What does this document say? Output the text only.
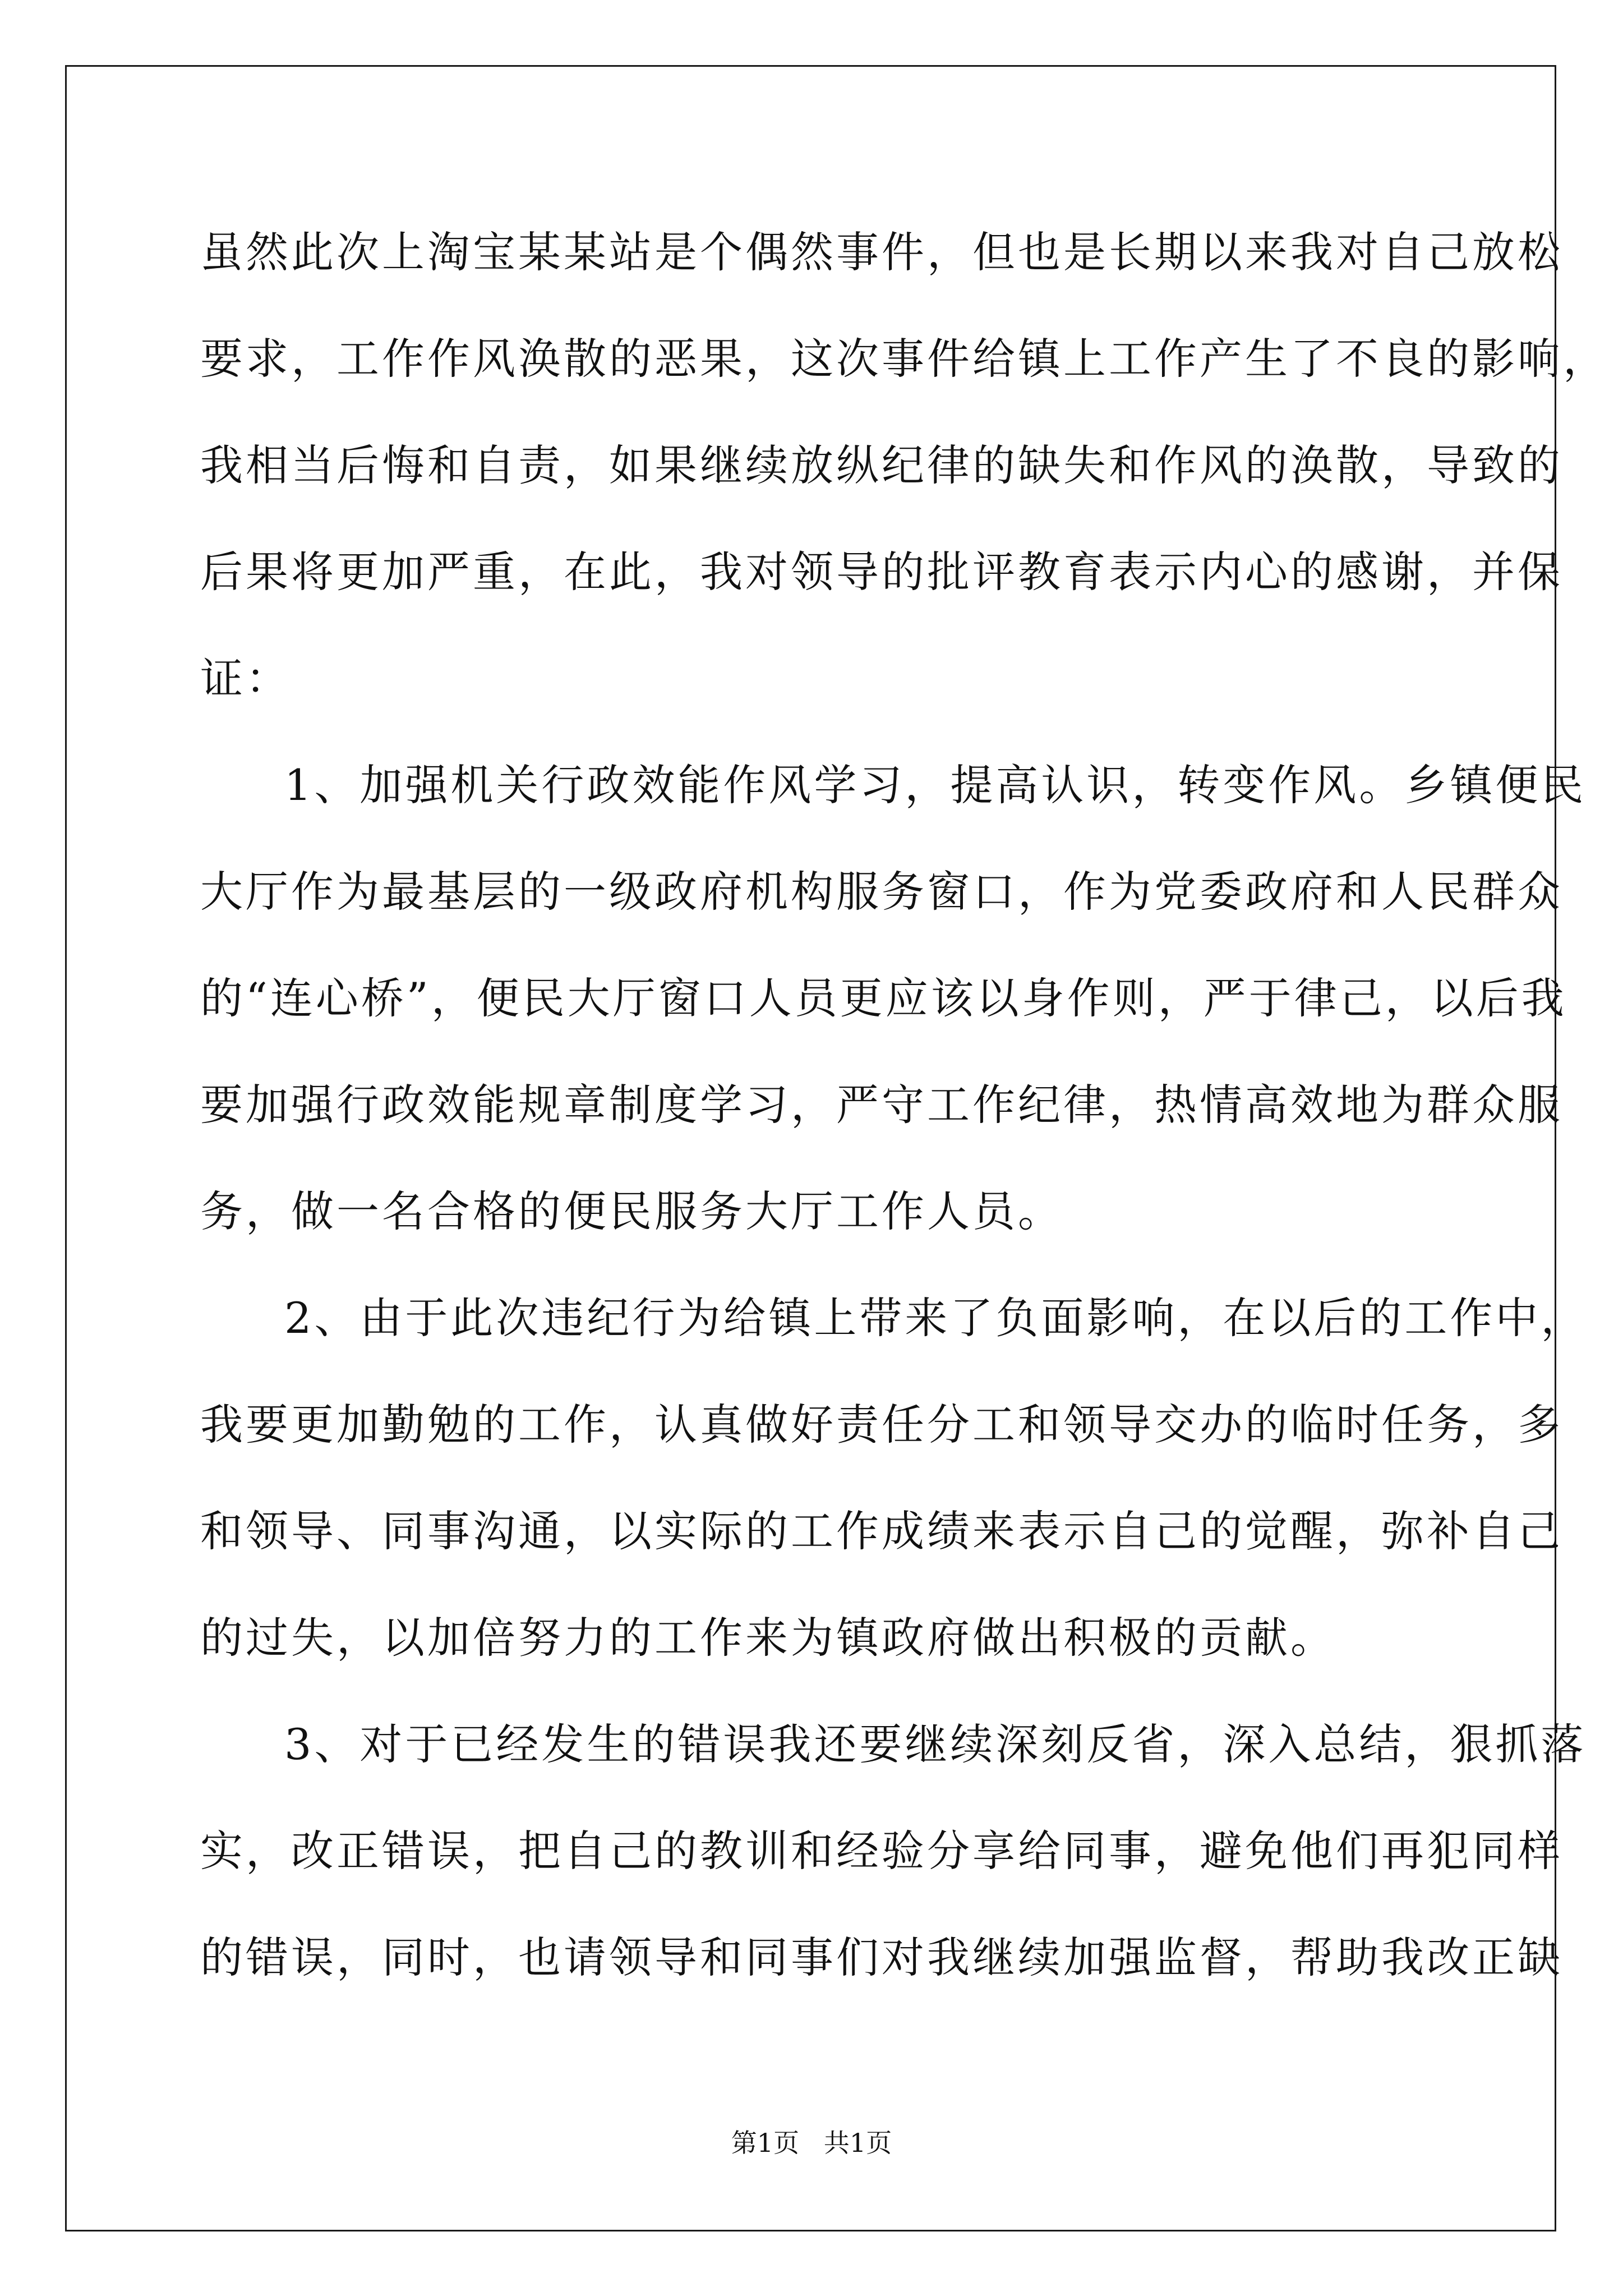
虽然此次上淘宝某某站是个偶然事件，但也是长期以来我对自己放松
要求，工作作风涣散的恶果，这次事件给镇上工作产生了不良的影响，
我相当后悔和自责，如果继续放纵纪律的缺失和作风的涣散，导致的
后果将更加严重，在此，我对领导的批评教育表示内心的感谢，并保
证：
1、加强机关行政效能作风学习，提高认识，转变作风。乡镇便民
大厅作为最基层的一级政府机构服务窗口，作为党委政府和人民群众
的“连心桥”，便民大厅窗口人员更应该以身作则，严于律己，以后我
要加强行政效能规章制度学习，严守工作纪律，热情高效地为群众服
务，做一名合格的便民服务大厅工作人员。
2、由于此次违纪行为给镇上带来了负面影响，在以后的工作中，
我要更加勤勉的工作，认真做好责任分工和领导交办的临时任务，多
和领导、同事沟通，以实际的工作成绩来表示自己的觉醒，弥补自己
的过失，以加倍努力的工作来为镇政府做出积极的贡献。
3、对于已经发生的错误我还要继续深刻反省，深入总结，狠抓落
实，改正错误，把自己的教训和经验分享给同事，避免他们再犯同样
的错误，同时，也请领导和同事们对我继续加强监督，帮助我改正缺
第1页   共1页
